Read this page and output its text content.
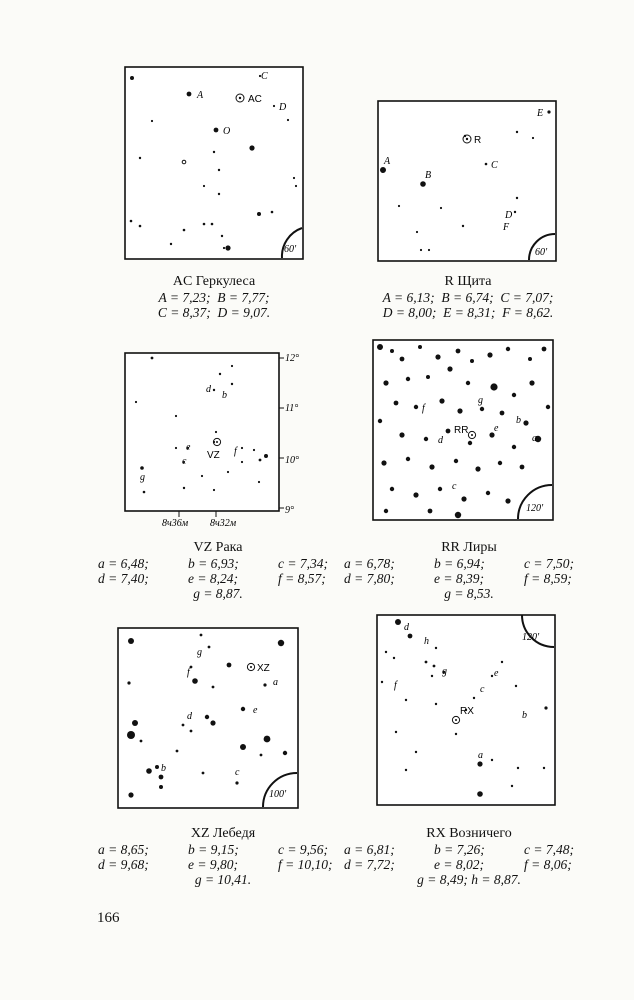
60'
AC
A
C
D
O
AC Геркулеса
A = 7,23;  B = 7,77;
C = 8,37;  D = 9,07.
60'
R
A
B
C
D
E
F
R Щита
A = 6,13;  B = 6,74;  C = 7,07;
D = 8,00;  E = 8,31;  F = 8,62.
8ч36м 8ч32м
12°
11°
10°
9°
VZ
b
c
d
e	f
g
VZ Рака
a = 6,48;	b = 6,93;	c = 7,34;
d = 7,40;	e = 8,24;	f = 8,57;
g = 8,87.
120'
RR
a
b
c
d
e
f
g
RR Лиры
a = 6,78;	b = 6,94;	c = 7,50;
d = 7,80;	e = 8,39;	f = 8,59;
g = 8,53.
100'
XZ
a
b	c
d
e
f
g
XZ Лебедя
a = 8,65;	b = 9,15;	c = 9,56;
d = 9,68;	e = 9,80;	f = 10,10;
g = 10,41.
120'
RX
a
b
c
d
e
f
g
h
RX Возничего
a = 6,81;	b = 7,26;	c = 7,48;
d = 7,72;	e = 8,02;	f = 8,06;
g = 8,49; h = 8,87.
166
